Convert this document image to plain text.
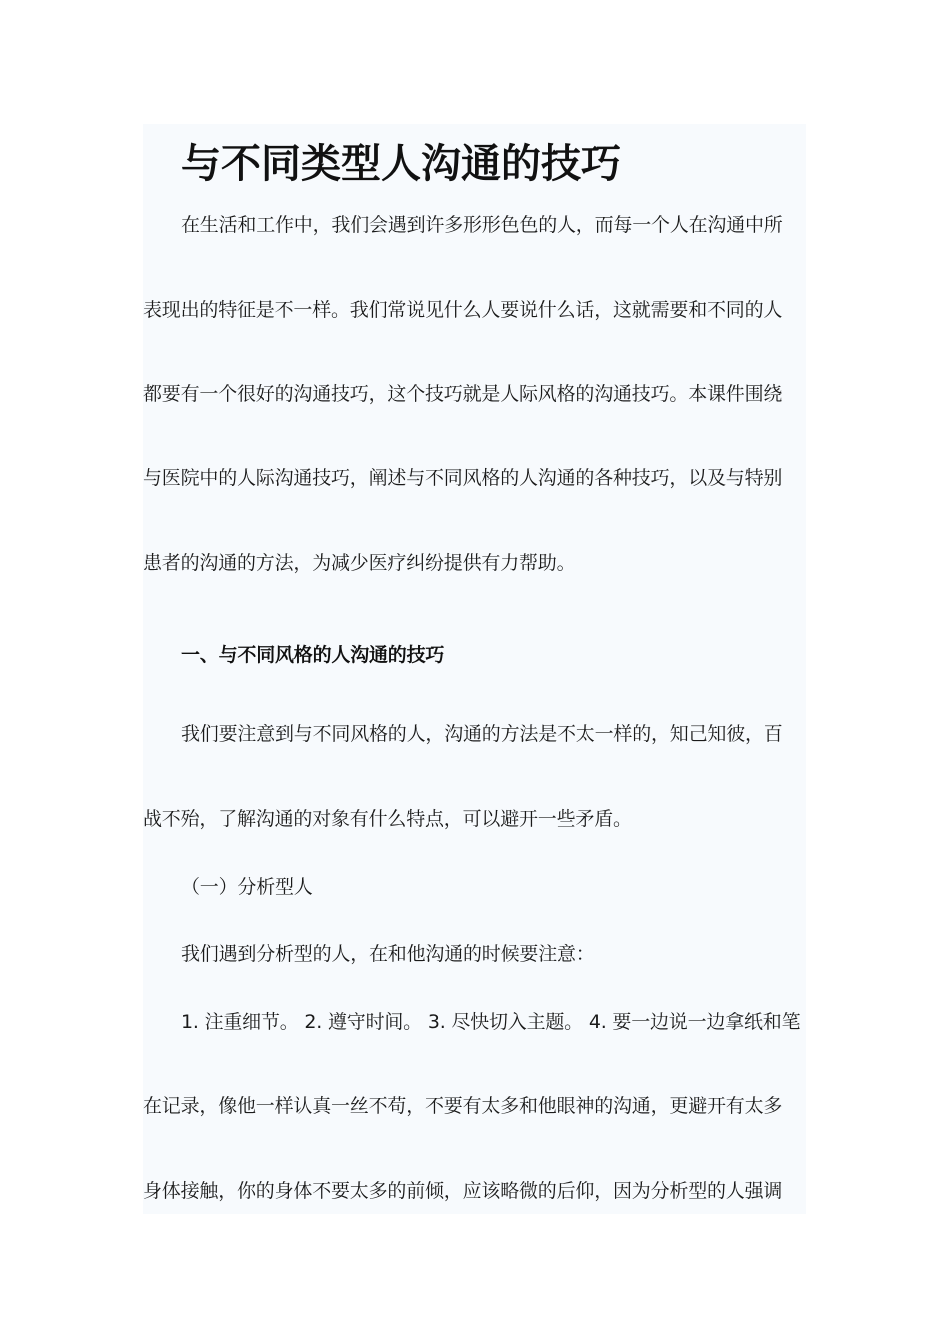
与不同类型人沟通的技巧
在生活和工作中，我们会遇到许多形形色色的人，而每一个人在沟通中所
表现出的特征是不一样。我们常说见什么人要说什么话，这就需要和不同的人
都要有一个很好的沟通技巧，这个技巧就是人际风格的沟通技巧。本课件围绕
与医院中的人际沟通技巧，阐述与不同风格的人沟通的各种技巧，以及与特别
患者的沟通的方法，为减少医疗纠纷提供有力帮助。
一、与不同风格的人沟通的技巧
我们要注意到与不同风格的人，沟通的方法是不太一样的，知己知彼，百
战不殆，了解沟通的对象有什么特点，可以避开一些矛盾。
（一）分析型人
我们遇到分析型的人，在和他沟通的时候要注意：
1. 注重细节。 2. 遵守时间。 3. 尽快切入主题。 4. 要一边说一边拿纸和笔
在记录，像他一样认真一丝不苟，不要有太多和他眼神的沟通，更避开有太多
身体接触，你的身体不要太多的前倾，应该略微的后仰，因为分析型的人强调
